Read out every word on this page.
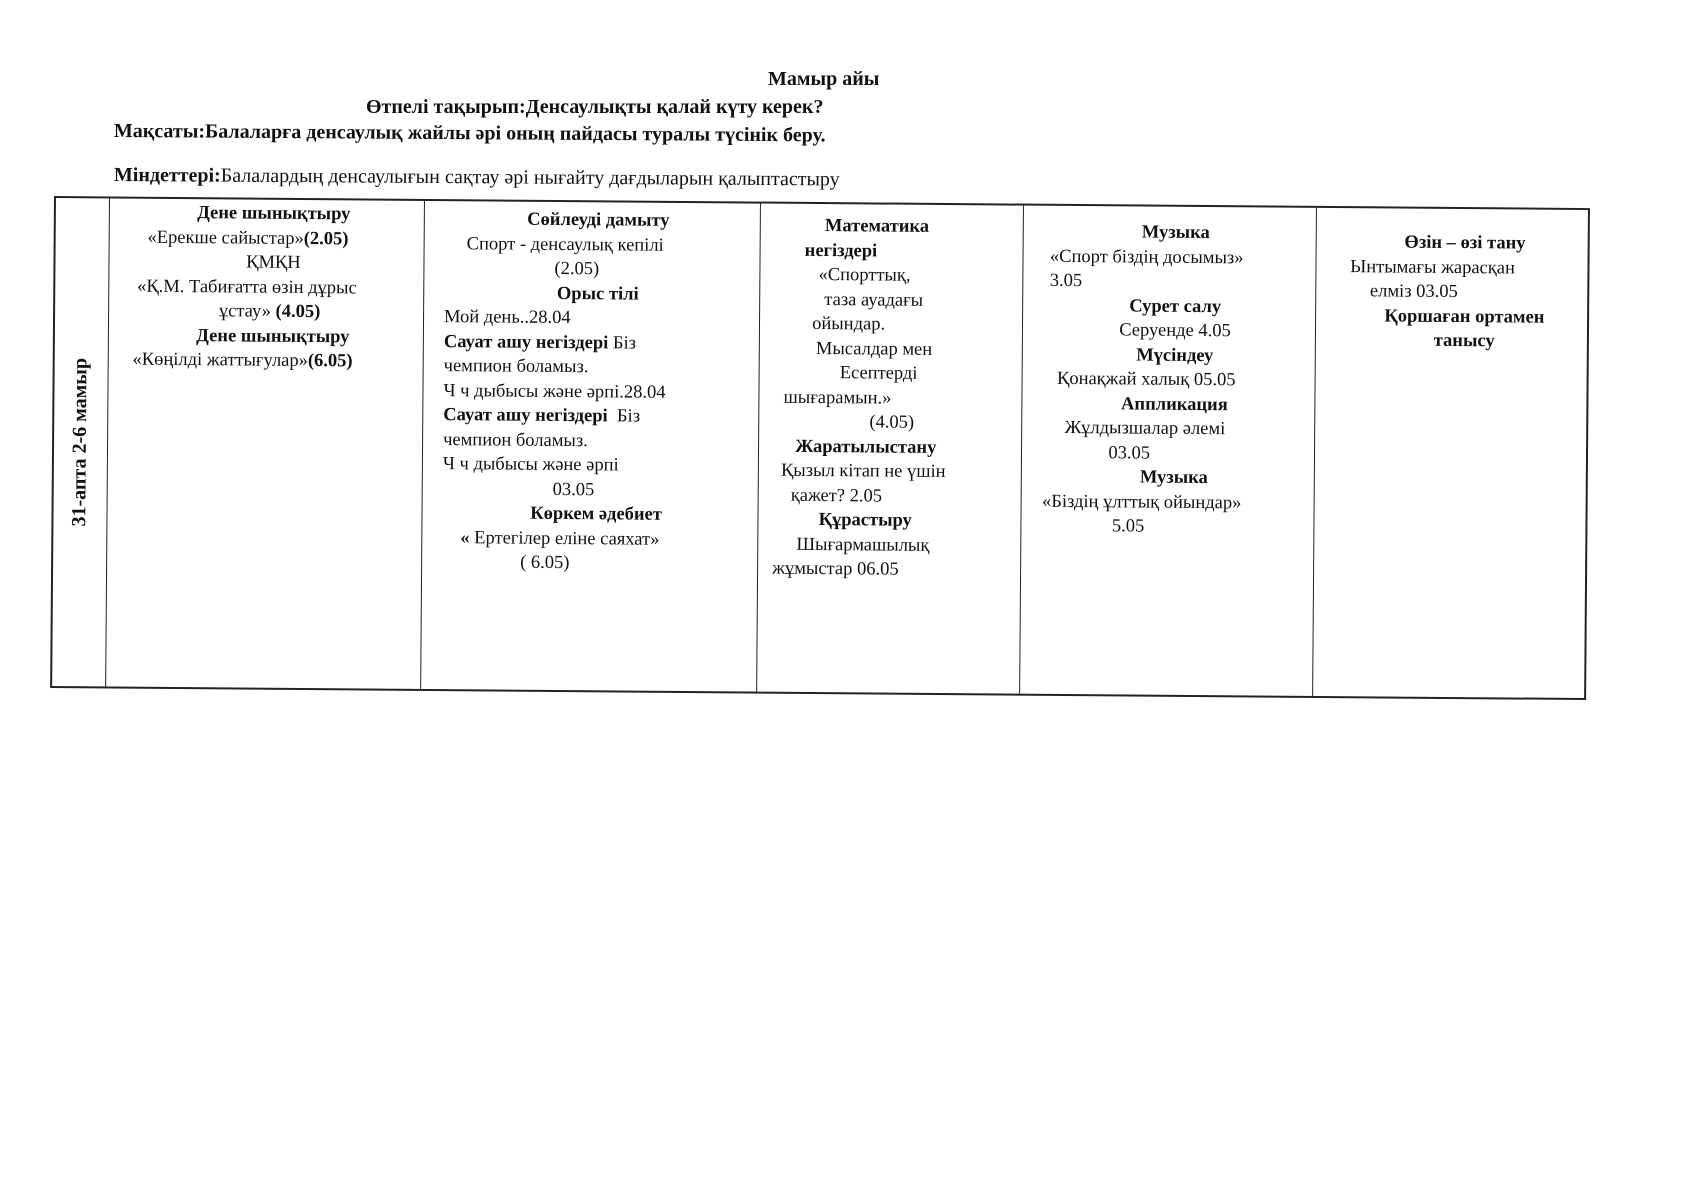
Мамыр айы
Өтпелі тақырып:Денсаулықты қалай күту керек?
Мақсаты:Балаларға денсаулық жайлы әрі оның пайдасы туралы түсінік беру.
Міндеттері:Балалардың денсаулығын сақтау әрі нығайту дағдыларын қалыптастыру
31-апта 2-6 мамыр
Дене шынықтыру
«Ерекше сайыстар»(2.05)
ҚМҚН
«Қ.М. Табиғатта өзін дұрыс
ұстау» (4.05)
Дене шынықтыру
«Көңілді жаттығулар»(6.05)
Сөйлеуді дамыту
Спорт - денсаулық кепілі
(2.05)
Орыс тілі
Мой день..28.04
Сауат ашу негіздері Біз
чемпион боламыз.
Ч ч дыбысы және әрпі.28.04
Сауат ашу негіздері  Біз
чемпион боламыз.
Ч ч дыбысы және әрпі
03.05
Көркем әдебиет
« Ертегілер еліне саяхат»
( 6.05)
Математика
негіздері
«Спорттық,
таза ауадағы
ойындар.
Мысалдар мен
Есептерді
шығарамын.»
(4.05)
Жаратылыстану
Қызыл кітап не үшін
қажет? 2.05
Құрастыру
Шығармашылық
жұмыстар 06.05
Музыка
«Спорт біздің досымыз»
3.05
Сурет салу
Серуенде 4.05
Мүсіндеу
Қонақжай халық 05.05
Аппликация
Жұлдызшалар әлемі
03.05
Музыка
«Біздің ұлттық ойындар»
5.05
Өзін – өзі тану
Ынтымағы жарасқан
елміз 03.05
Қоршаған ортамен
танысу
